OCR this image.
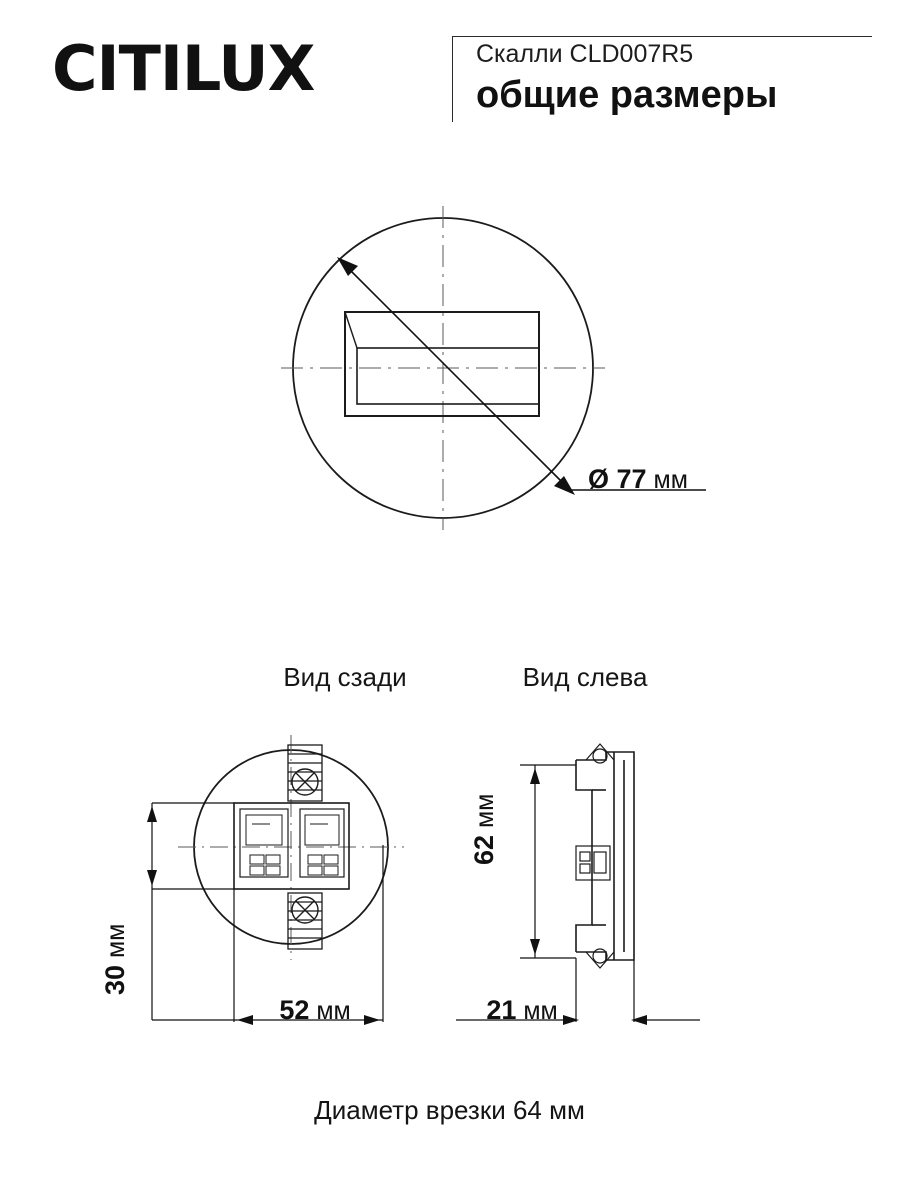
CITILUX	Скалли CLD007R5
общие размеры
Вид сзади	Вид слева
Ø 77 мм
30 мм
62 мм
52 мм	21 мм
Диаметр врезки 64 мм
